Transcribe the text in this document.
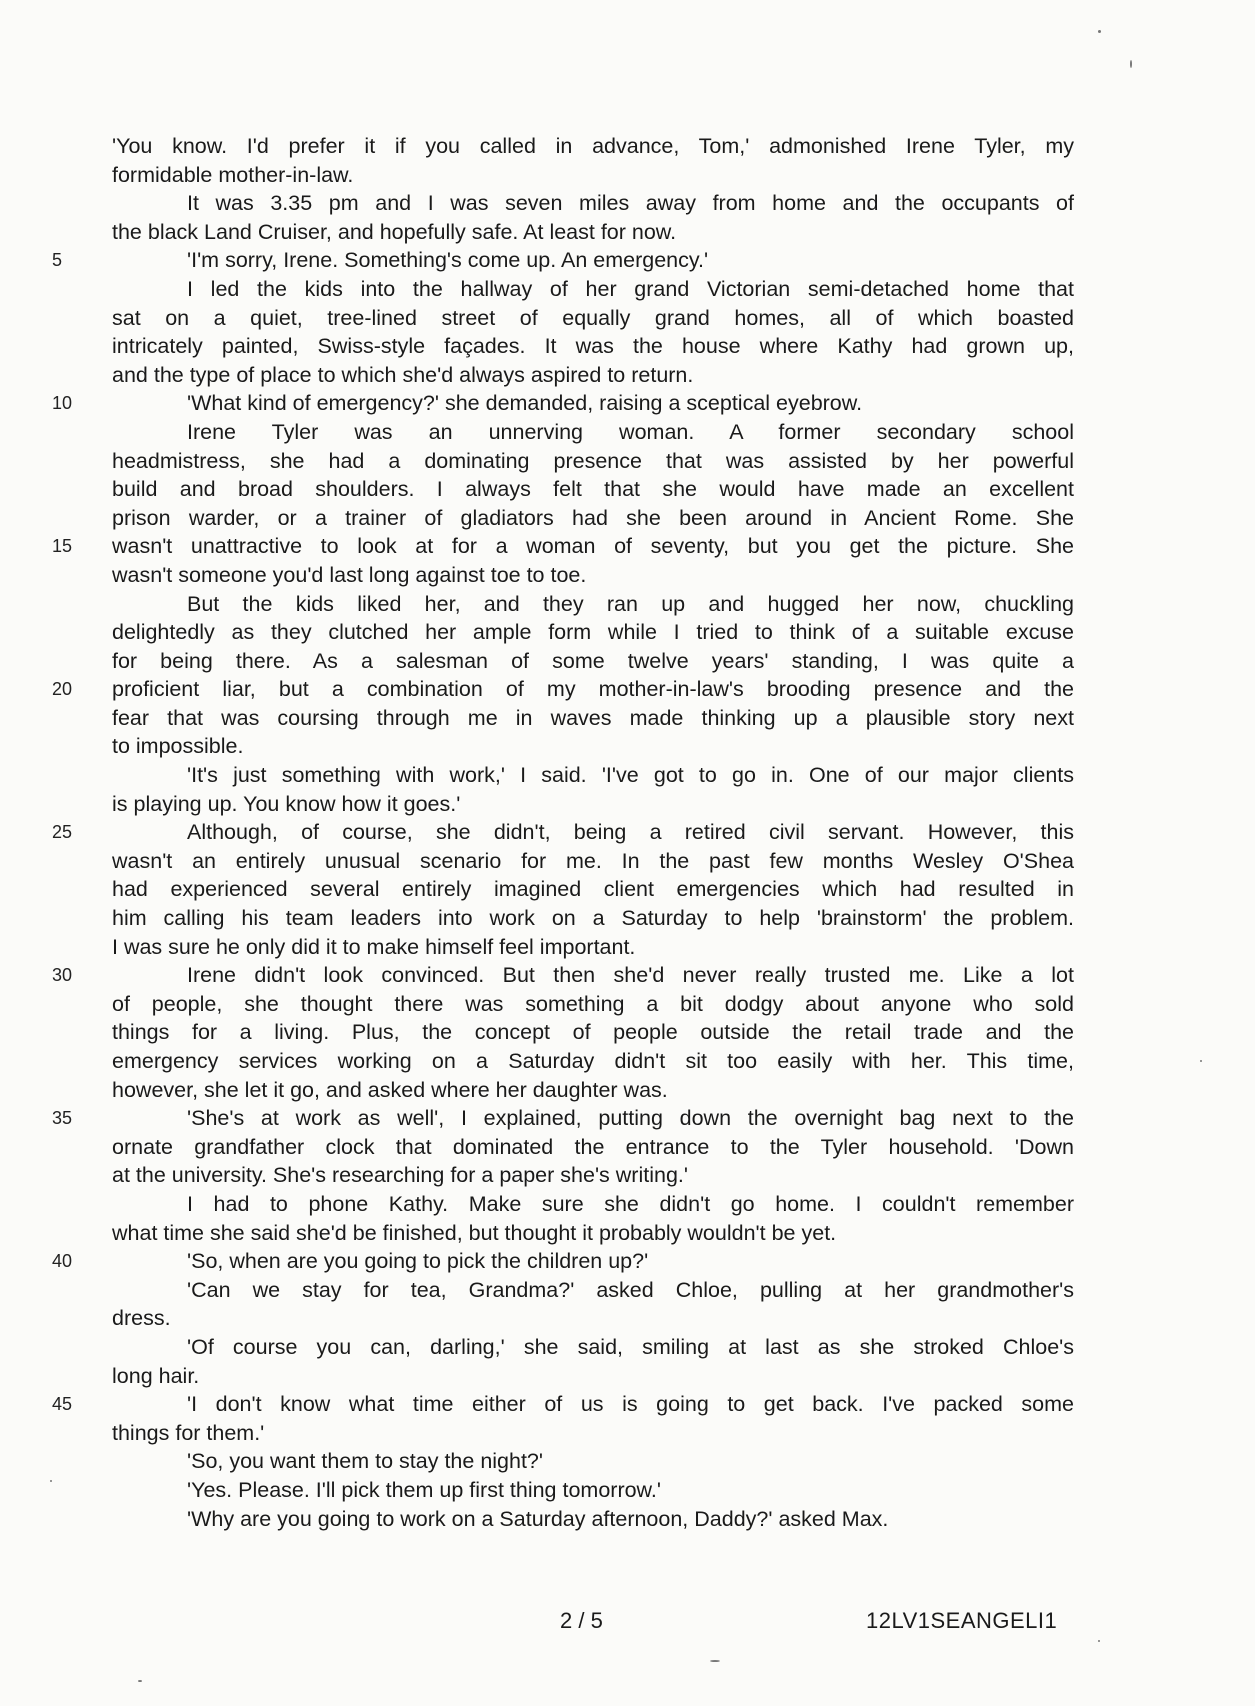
'You know. I'd prefer it if you called in advance, Tom,' admonished Irene Tyler, my
formidable mother-in-law.
It was 3.35 pm and I was seven miles away from home and the occupants of
the black Land Cruiser, and hopefully safe. At least for now.
'I'm sorry, Irene. Something's come up. An emergency.'
5
I led the kids into the hallway of her grand Victorian semi-detached home that
sat on a quiet, tree-lined street of equally grand homes, all of which boasted
intricately painted, Swiss-style façades. It was the house where Kathy had grown up,
and the type of place to which she'd always aspired to return.
'What kind of emergency?' she demanded, raising a sceptical eyebrow.
10
Irene Tyler was an unnerving woman. A former secondary school
headmistress, she had a dominating presence that was assisted by her powerful
build and broad shoulders. I always felt that she would have made an excellent
prison warder, or a trainer of gladiators had she been around in Ancient Rome. She
wasn't unattractive to look at for a woman of seventy, but you get the picture. She
15
wasn't someone you'd last long against toe to toe.
But the kids liked her, and they ran up and hugged her now, chuckling
delightedly as they clutched her ample form while I tried to think of a suitable excuse
for being there. As a salesman of some twelve years' standing, I was quite a
proficient liar, but a combination of my mother-in-law's brooding presence and the
20
fear that was coursing through me in waves made thinking up a plausible story next
to impossible.
'It's just something with work,' I said. 'I've got to go in. One of our major clients
is playing up. You know how it goes.'
Although, of course, she didn't, being a retired civil servant. However, this
25
wasn't an entirely unusual scenario for me. In the past few months Wesley O'Shea
had experienced several entirely imagined client emergencies which had resulted in
him calling his team leaders into work on a Saturday to help 'brainstorm' the problem.
I was sure he only did it to make himself feel important.
Irene didn't look convinced. But then she'd never really trusted me. Like a lot
30
of people, she thought there was something a bit dodgy about anyone who sold
things for a living. Plus, the concept of people outside the retail trade and the
emergency services working on a Saturday didn't sit too easily with her. This time,
however, she let it go, and asked where her daughter was.
'She's at work as well', I explained, putting down the overnight bag next to the
35
ornate grandfather clock that dominated the entrance to the Tyler household. 'Down
at the university. She's researching for a paper she's writing.'
I had to phone Kathy. Make sure she didn't go home. I couldn't remember
what time she said she'd be finished, but thought it probably wouldn't be yet.
'So, when are you going to pick the children up?'
40
'Can we stay for tea, Grandma?' asked Chloe, pulling at her grandmother's
dress.
'Of course you can, darling,' she said, smiling at last as she stroked Chloe's
long hair.
'I don't know what time either of us is going to get back. I've packed some
45
things for them.'
'So, you want them to stay the night?'
'Yes. Please. I'll pick them up first thing tomorrow.'
'Why are you going to work on a Saturday afternoon, Daddy?' asked Max.
2 / 5	12LV1SEANGELI1
